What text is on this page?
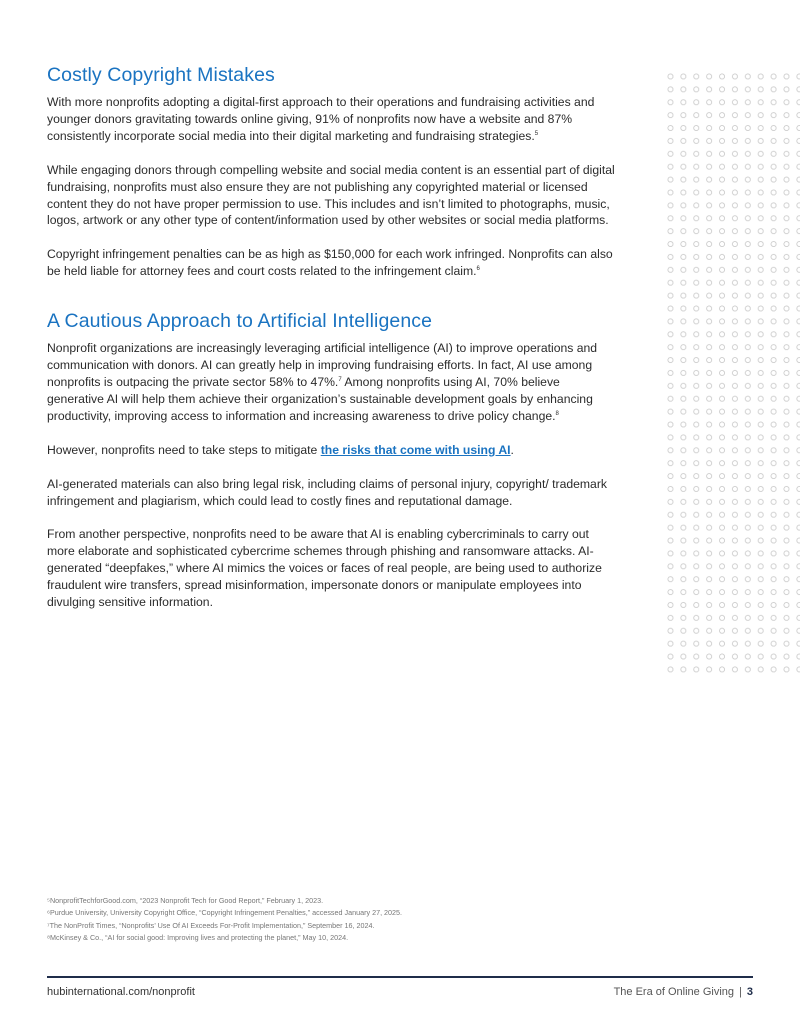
Costly Copyright Mistakes

With more nonprofits adopting a digital-first approach to their operations and fundraising activities and younger donors gravitating towards online giving, 91% of nonprofits now have a website and 87% consistently incorporate social media into their digital marketing and fundraising strategies.$^5$

While engaging donors through compelling website and social media content is an essential part of digital fundraising, nonprofits must also ensure they are not publishing any copyrighted material or licensed content they do not have proper permission to use. This includes and isn’t limited to photographs, music, logos, artwork or any other type of content/information used by other websites or social media platforms.

Copyright infringement penalties can be as high as $150,000 for each work infringed. Nonprofits can also be held liable for attorney fees and court costs related to the infringement claim.$^6$

A Cautious Approach to Artificial Intelligence

Nonprofit organizations are increasingly leveraging artificial intelligence (AI) to improve operations and communication with donors. AI can greatly help in improving fundraising efforts. In fact, AI use among nonprofits is outpacing the private sector 58% to 47%.$^7$ Among nonprofits using AI, 70% believe generative AI will help them achieve their organization’s sustainable development goals by enhancing productivity, improving access to information and increasing awareness to drive policy change.$^8$

However, nonprofits need to take steps to mitigate the risks that come with using AI.

AI-generated materials can also bring legal risk, including claims of personal injury, copyright/ trademark infringement and plagiarism, which could lead to costly fines and reputational damage.

From another perspective, nonprofits need to be aware that AI is enabling cybercriminals to carry out more elaborate and sophisticated cybercrime schemes through phishing and ransomware attacks. AI-generated “deepfakes,” where AI mimics the voices or faces of real people, are being used to authorize fraudulent wire transfers, spread misinformation, impersonate donors or manipulate employees into divulging sensitive information.

⁵NonprofitTechforGood.com, “2023 Nonprofit Tech for Good Report,” February 1, 2023.
⁶Purdue University, University Copyright Office, “Copyright Infringement Penalties,” accessed January 27, 2025.
⁷The NonProfit Times, “Nonprofits’ Use Of AI Exceeds For-Profit Implementation,” September 16, 2024.
⁸McKinsey & Co., “AI for social good: Improving lives and protecting the planet,” May 10, 2024.
hubinternational.com/nonprofit	The Era of Online Giving | 3
